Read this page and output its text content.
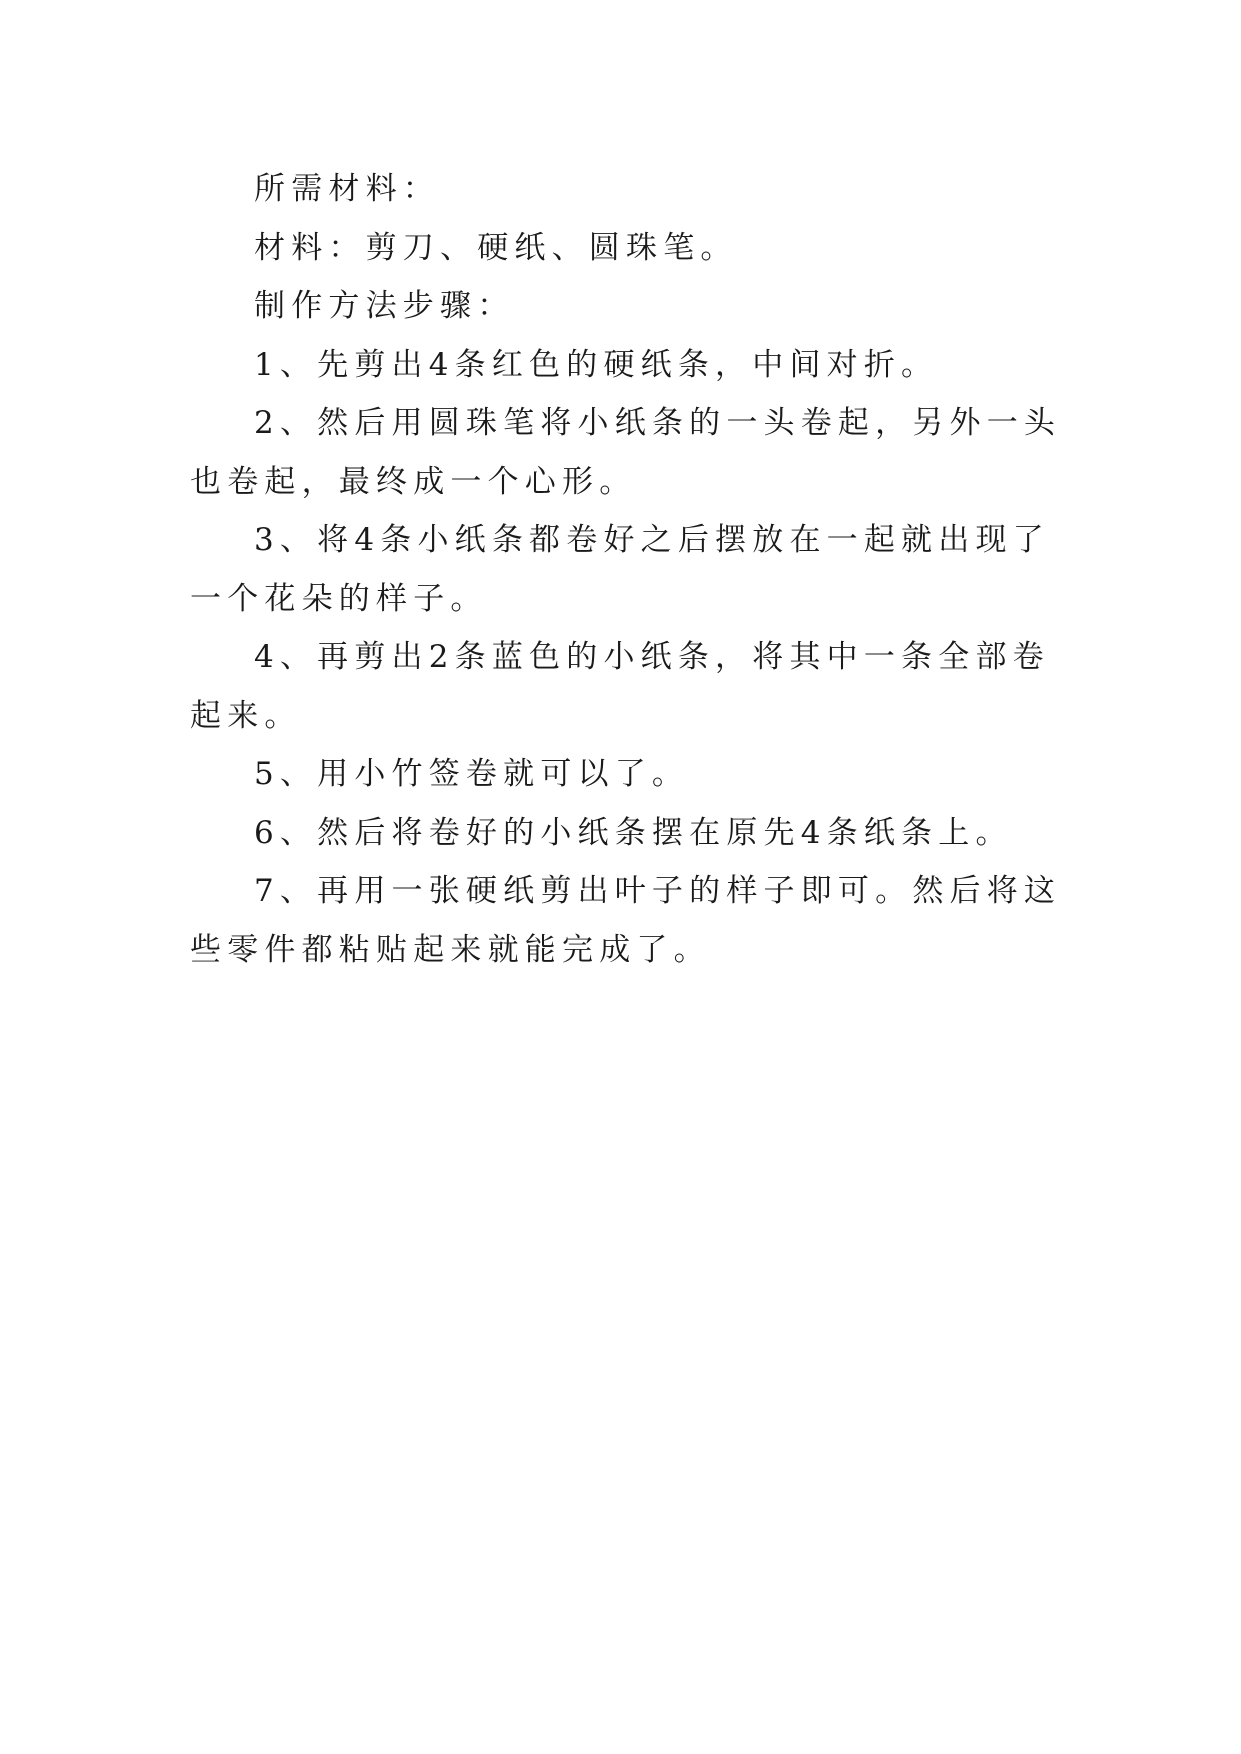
所需材料：

材料：剪刀、硬纸、圆珠笔。

制作方法步骤：

1、先剪出4条红色的硬纸条，中间对折。

2、然后用圆珠笔将小纸条的一头卷起，另外一头也卷起，最终成一个心形。

3、将4条小纸条都卷好之后摆放在一起就出现了一个花朵的样子。

4、再剪出2条蓝色的小纸条，将其中一条全部卷起来。

5、用小竹签卷就可以了。

6、然后将卷好的小纸条摆在原先4条纸条上。

7、再用一张硬纸剪出叶子的样子即可。然后将这些零件都粘贴起来就能完成了。
